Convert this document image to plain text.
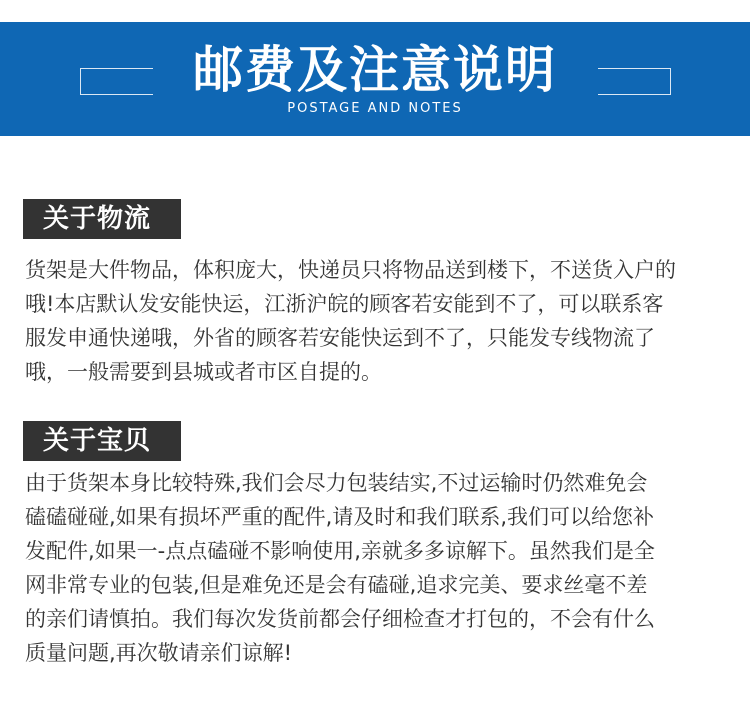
邮费及注意说明
POSTAGE AND NOTES
关于物流

货架是大件物品，体积庞大，快递员只将物品送到楼下，不送货入户的
哦!本店默认发安能快运，江浙沪皖的顾客若安能到不了，可以联系客
服发申通快递哦，外省的顾客若安能快运到不了，只能发专线物流了
哦，一般需要到县城或者市区自提的。

关于宝贝

由于货架本身比较特殊,我们会尽力包装结实,不过运输时仍然难免会
磕磕碰碰,如果有损坏严重的配件,请及时和我们联系,我们可以给您补
发配件,如果一-点点磕碰不影响使用,亲就多多谅解下。虽然我们是全
网非常专业的包装,但是难免还是会有磕碰,追求完美、要求丝毫不差
的亲们请慎拍。我们每次发货前都会仔细检查才打包的，不会有什么
质量问题,再次敬请亲们谅解!
